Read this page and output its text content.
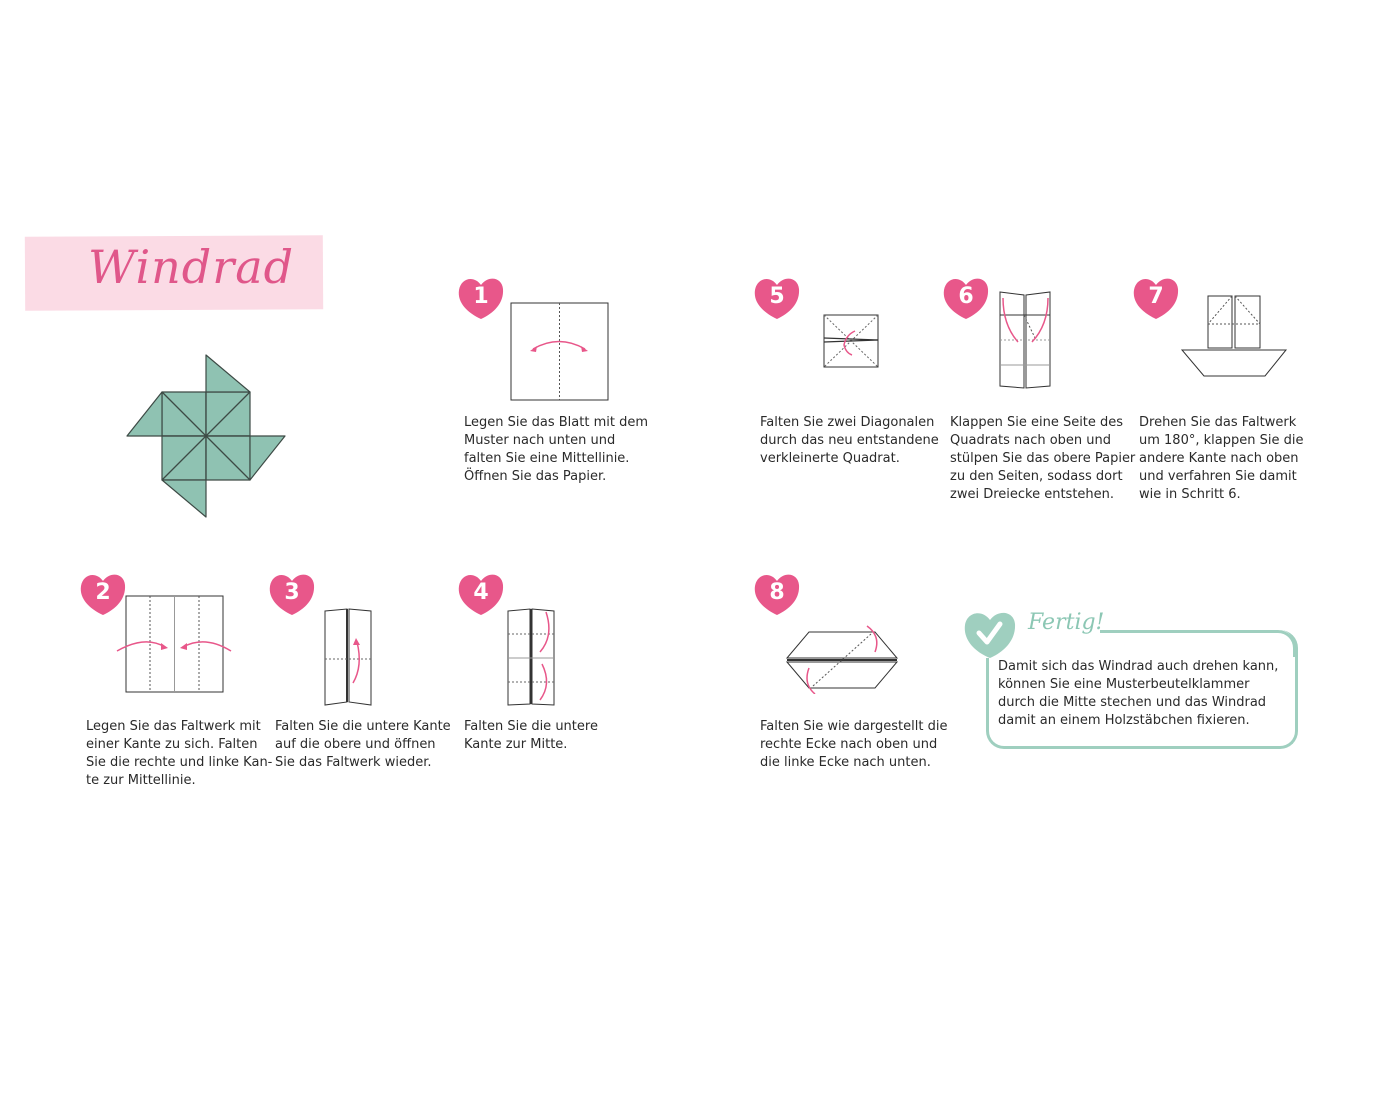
Windrad
1
Legen Sie das Blatt mit dem
Muster nach unten und
falten Sie eine Mittellinie.
Öffnen Sie das Papier.
5
Falten Sie zwei Diagonalen
durch das neu entstandene
verkleinerte Quadrat.
6
Klappen Sie eine Seite des
Quadrats nach oben und
stülpen Sie das obere Papier
zu den Seiten, sodass dort
zwei Dreiecke entstehen.
7
Drehen Sie das Faltwerk
um 180°, klappen Sie die
andere Kante nach oben
und verfahren Sie damit
wie in Schritt 6.
2
Legen Sie das Faltwerk mit
einer Kante zu sich. Falten
Sie die rechte und linke Kan-
te zur Mittellinie.
3
Falten Sie die untere Kante
auf die obere und öffnen
Sie das Faltwerk wieder.
4
Falten Sie die untere
Kante zur Mitte.
8
Falten Sie wie dargestellt die
rechte Ecke nach oben und
die linke Ecke nach unten.
Fertig!
Damit sich das Windrad auch drehen kann,
können Sie eine Musterbeutelklammer
durch die Mitte stechen und das Windrad
damit an einem Holzstäbchen fixieren.
